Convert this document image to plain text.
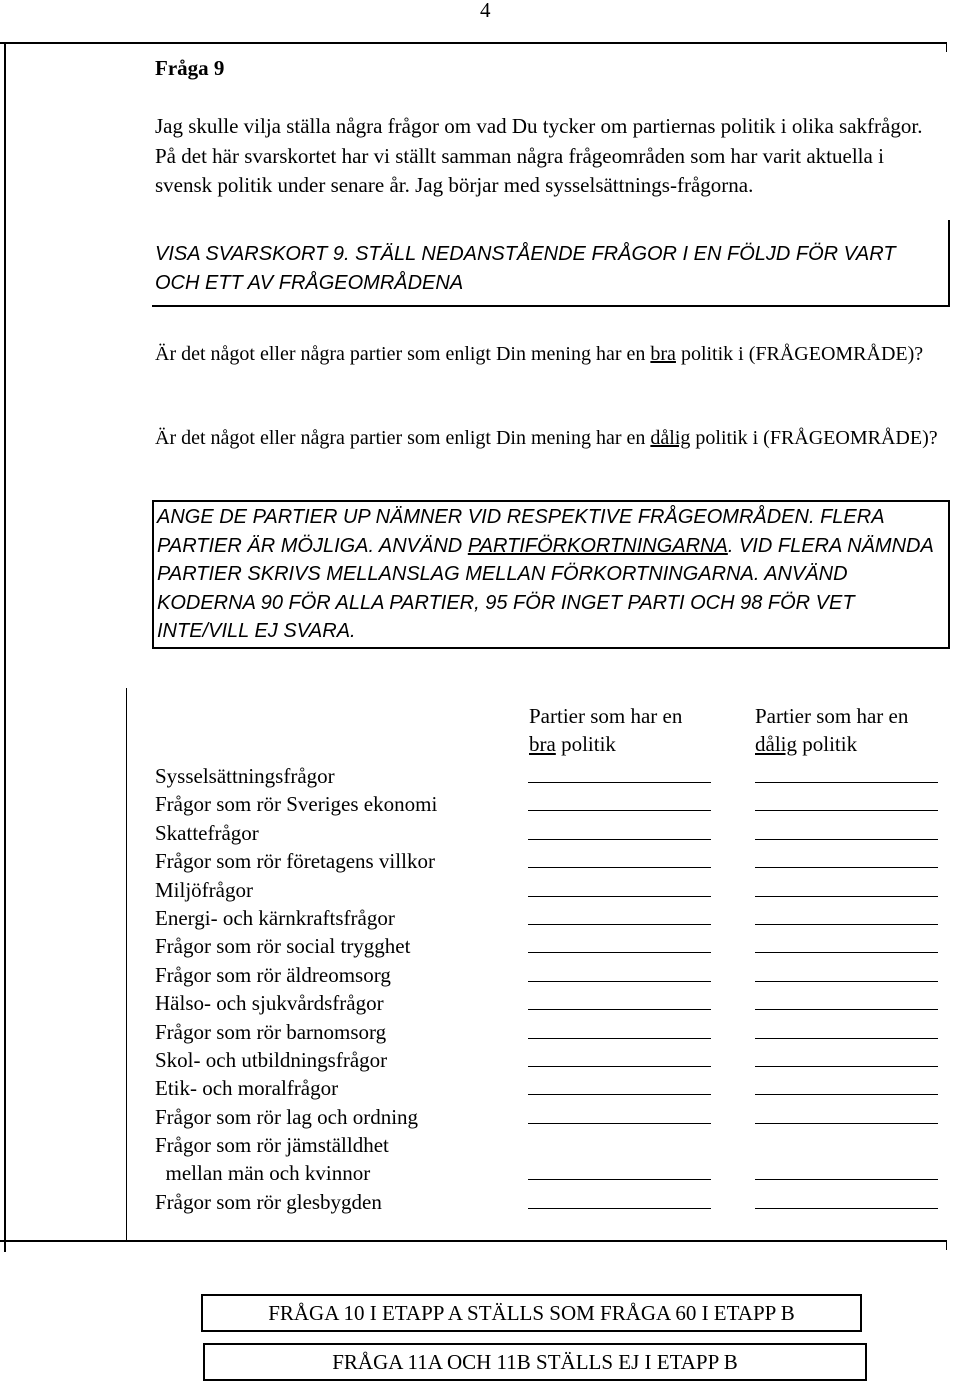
4
Fråga 9
Jag skulle vilja ställa några frågor om vad Du tycker om partiernas politik i olika sakfrågor. På det här svarskortet har vi ställt samman några frågeområden som har varit aktuella i svensk politik under senare år. Jag börjar med sysselsättnings-frågorna.
VISA SVARSKORT 9. STÄLL NEDANSTÅENDE FRÅGOR I EN FÖLJD FÖR VART OCH ETT AV FRÅGEOMRÅDENA
Är det något eller några partier som enligt Din mening har en bra politik i (FRÅGEOMRÅDE)?
Är det något eller några partier som enligt Din mening har en dålig politik i (FRÅGEOMRÅDE)?
ANGE DE PARTIER UP NÄMNER VID RESPEKTIVE FRÅGEOMRÅDEN. FLERA PARTIER ÄR MÖJLIGA. ANVÄND PARTIFÖRKORTNINGARNA. VID FLERA NÄMNDA PARTIER SKRIVS MELLANSLAG MELLAN FÖRKORTNINGARNA. ANVÄND KODERNA 90 FÖR ALLA PARTIER, 95 FÖR INGET PARTI OCH 98 FÖR VET INTE/VILL EJ SVARA.
Partier som har en
bra politik
Partier som har en
dålig politik
Sysselsättningsfrågor
Frågor som rör Sveriges ekonomi
Skattefrågor
Frågor som rör företagens villkor
Miljöfrågor
Energi- och kärnkraftsfrågor
Frågor som rör social trygghet
Frågor som rör äldreomsorg
Hälso- och sjukvårdsfrågor
Frågor som rör barnomsorg
Skol- och utbildningsfrågor
Etik- och moralfrågor
Frågor som rör lag och ordning
Frågor som rör jämställdhet
mellan män och kvinnor
Frågor som rör glesbygden
FRÅGA 10 I ETAPP A STÄLLS SOM FRÅGA 60 I ETAPP B
FRÅGA 11A OCH 11B STÄLLS EJ I ETAPP B
